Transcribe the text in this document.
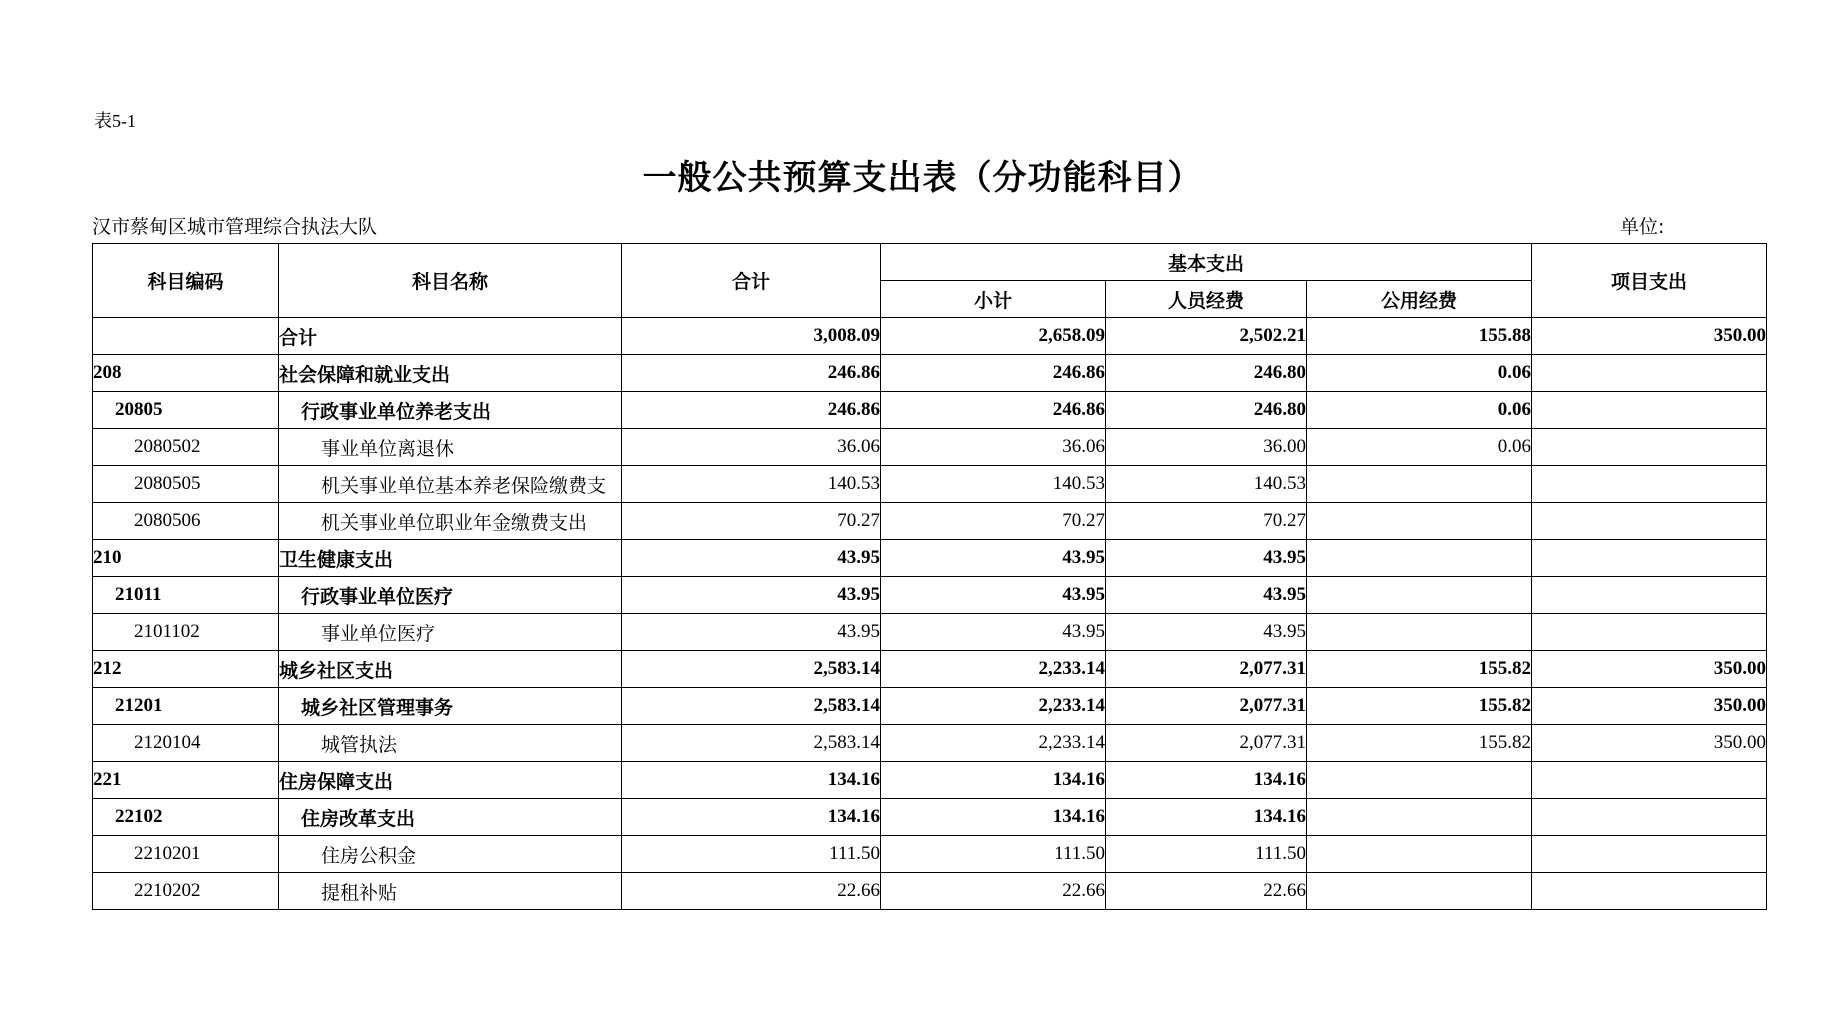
表5-1
一般公共预算支出表（分功能科目）
汉市蔡甸区城市管理综合执法大队	单位:
科目编码	科目名称	合计	基本支出			项目支出
			小计	人员经费	公用经费	
	合计	3,008.09	2,658.09	2,502.21	155.88	350.00
208	社会保障和就业支出	246.86	246.86	246.80	0.06	
20805	行政事业单位养老支出	246.86	246.86	246.80	0.06	
2080502	事业单位离退休	36.06	36.06	36.00	0.06	
2080505	机关事业单位基本养老保险缴费支	140.53	140.53	140.53		
2080506	机关事业单位职业年金缴费支出	70.27	70.27	70.27		
210	卫生健康支出	43.95	43.95	43.95		
21011	行政事业单位医疗	43.95	43.95	43.95		
2101102	事业单位医疗	43.95	43.95	43.95		
212	城乡社区支出	2,583.14	2,233.14	2,077.31	155.82	350.00
21201	城乡社区管理事务	2,583.14	2,233.14	2,077.31	155.82	350.00
2120104	城管执法	2,583.14	2,233.14	2,077.31	155.82	350.00
221	住房保障支出	134.16	134.16	134.16		
22102	住房改革支出	134.16	134.16	134.16		
2210201	住房公积金	111.50	111.50	111.50		
2210202	提租补贴	22.66	22.66	22.66		
